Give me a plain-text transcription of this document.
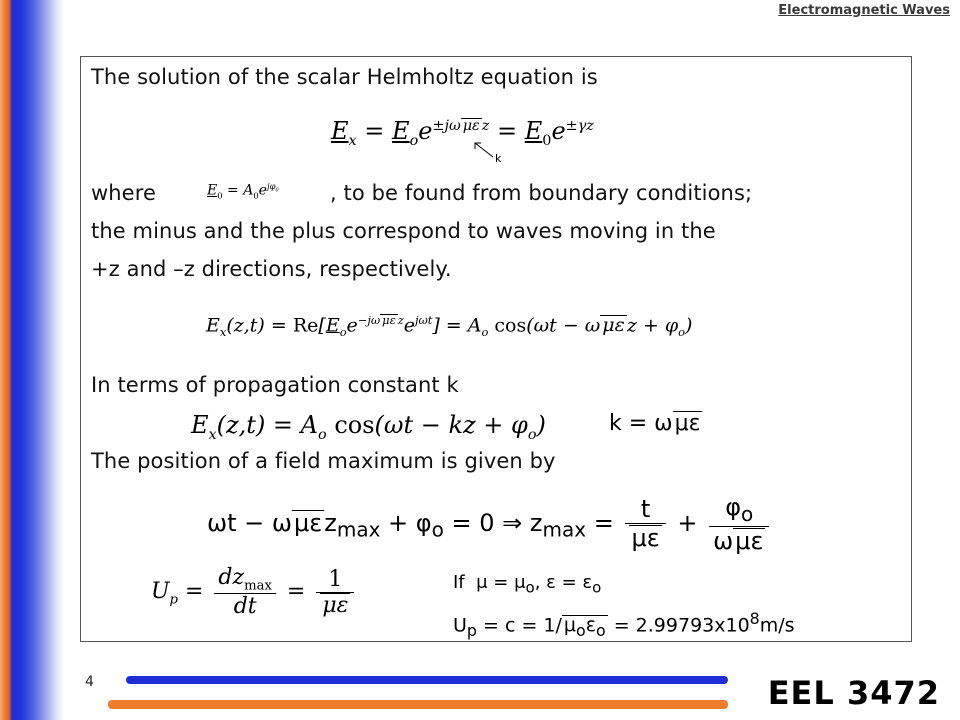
Electromagnetic Waves
The solution of the scalar Helmholtz equation is
$E_x = E_oe^{\pm j\omega \mu\varepsilon z} = E_0e^{\pm\gamma z}$
k
where	$E_0 = A_0e^{j\varphi_0}$ , to be found from boundary conditions;
the minus and the plus correspond to waves moving in the
+z and –z directions, respectively.
$E_x(z,t) = Re[E_oe^{-j\omega \mu\varepsilon z}e^{j\omega t}] = A_o$ cos(ωt − ω με $z + \varphi_o$)
In terms of propagation constant k
$E_x(z,t) = A_o$ cos(ωt − kz + $\varphi_o$)	k = ωμε
The position of a field maximum is given by
$\omega t - \omega\mu\varepsilon z_{max} + \varphi_o = 0$ ⇒ $z_{max} = \frac{t}{\mu\varepsilon} + \frac{\varphi_o}{\text{ωμε}}$
$U_p = \frac{dz_{max}}{dt} = \frac{1}{\mu\varepsilon}$	If  $\mu = \mu_o$, $\varepsilon = \varepsilon_o$
$U_p = c = 1/$ $\mu_o\varepsilon_o = 2.99793x10^8m/s$
4	EEL 3472
